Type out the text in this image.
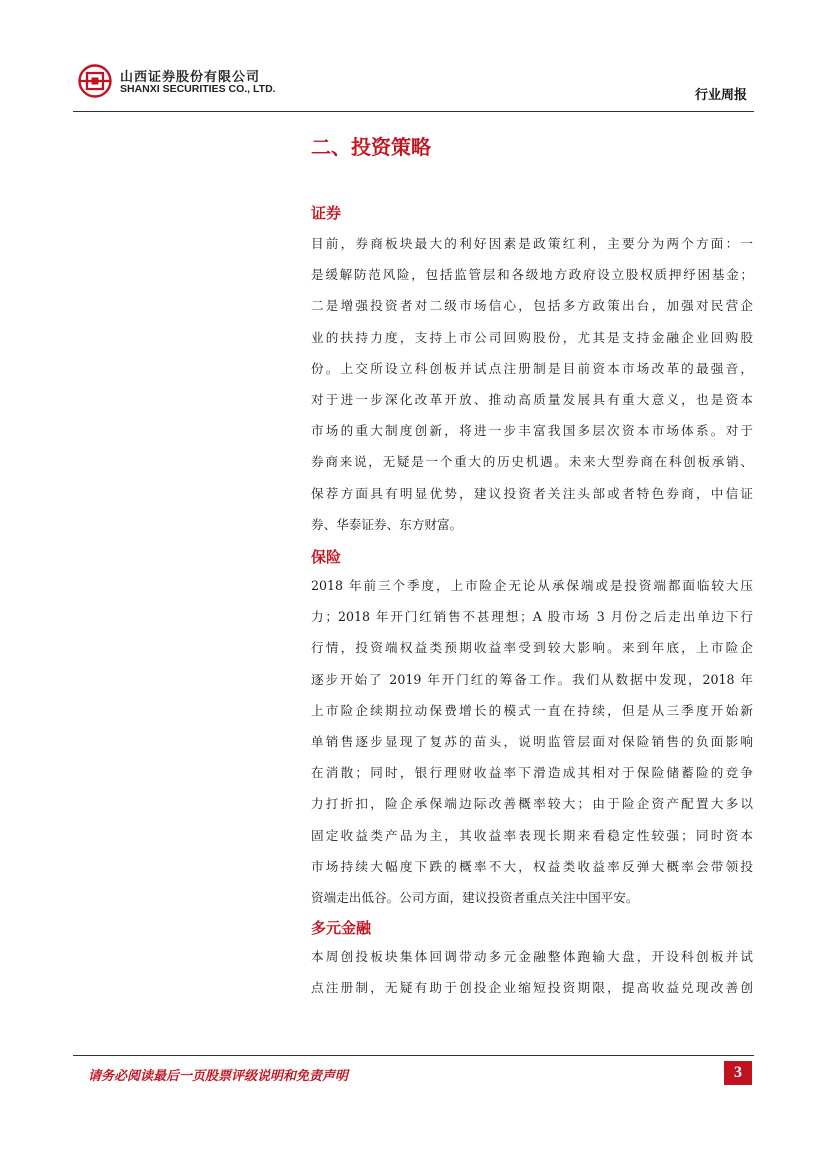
山西证券股份有限公司
SHANXI SECURITIES CO., LTD.	行业周报
二、投资策略
证券
目前，券商板块最大的利好因素是政策红利，主要分为两个方面：一
是缓解防范风险，包括监管层和各级地方政府设立股权质押纾困基金；
二是增强投资者对二级市场信心，包括多方政策出台，加强对民营企
业的扶持力度，支持上市公司回购股份，尤其是支持金融企业回购股
份。上交所设立科创板并试点注册制是目前资本市场改革的最强音，
对于进一步深化改革开放、推动高质量发展具有重大意义，也是资本
市场的重大制度创新，将进一步丰富我国多层次资本市场体系。对于
券商来说，无疑是一个重大的历史机遇。未来大型券商在科创板承销、
保荐方面具有明显优势，建议投资者关注头部或者特色券商，中信证
券、华泰证券、东方财富。
保险
2018 年前三个季度，上市险企无论从承保端或是投资端都面临较大压
力；2018 年开门红销售不甚理想；A 股市场 3 月份之后走出单边下行
行情，投资端权益类预期收益率受到较大影响。来到年底，上市险企
逐步开始了 2019 年开门红的筹备工作。我们从数据中发现，2018 年
上市险企续期拉动保费增长的模式一直在持续，但是从三季度开始新
单销售逐步显现了复苏的苗头，说明监管层面对保险销售的负面影响
在消散；同时，银行理财收益率下滑造成其相对于保险储蓄险的竞争
力打折扣，险企承保端边际改善概率较大；由于险企资产配置大多以
固定收益类产品为主，其收益率表现长期来看稳定性较强；同时资本
市场持续大幅度下跌的概率不大，权益类收益率反弹大概率会带领投
资端走出低谷。公司方面，建议投资者重点关注中国平安。
多元金融
本周创投板块集体回调带动多元金融整体跑输大盘，开设科创板并试
点注册制，无疑有助于创投企业缩短投资期限，提高收益兑现改善创
请务必阅读最后一页股票评级说明和免责声明	3
